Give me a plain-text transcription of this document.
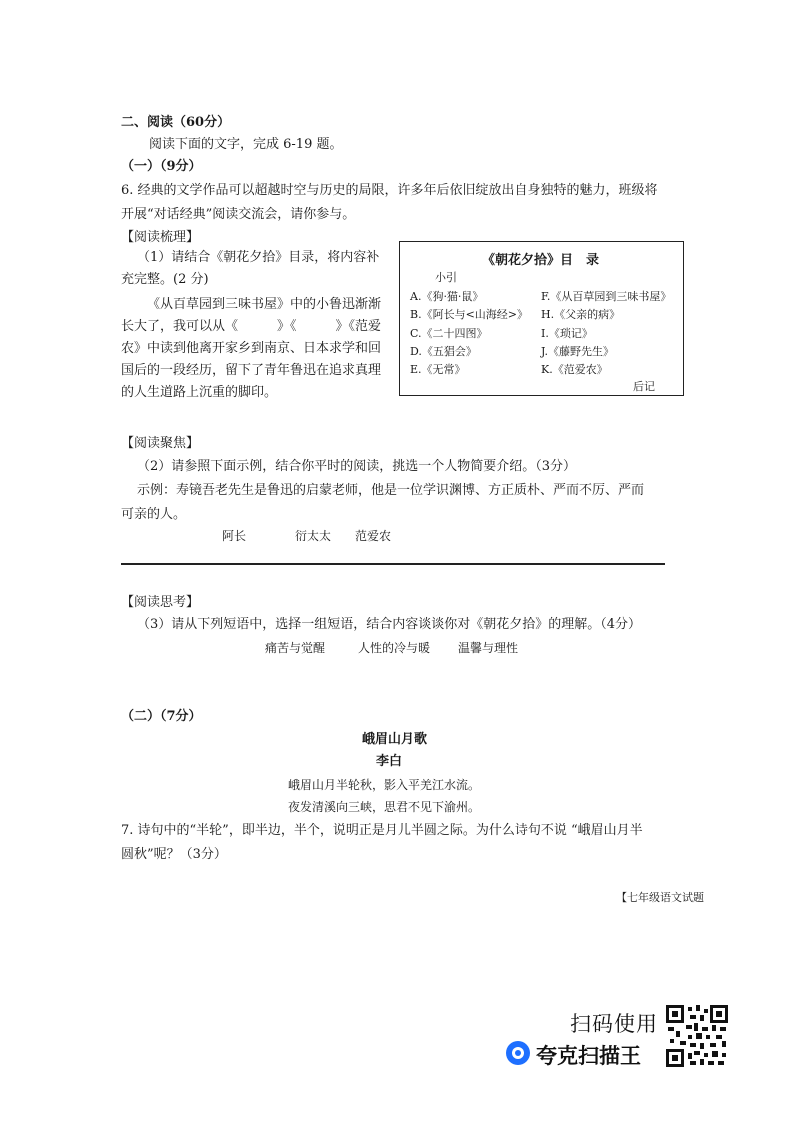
二、阅读（60分）
阅读下面的文字，完成 6-19 题。
（一）（9分）
6. 经典的文学作品可以超越时空与历史的局限，许多年后依旧绽放出自身独特的魅力，班级将
开展“对话经典”阅读交流会，请你参与。
【阅读梳理】
（1）请结合《朝花夕拾》目录，将内容补充完整。(2 分)
《从百草园到三味书屋》中的小鲁迅渐渐长大了，我可以从《　　　》《　　　》《范爱农》中读到他离开家乡到南京、日本求学和回国后的一段经历，留下了青年鲁迅在追求真理的人生道路上沉重的脚印。
《朝花夕拾》目　录
小引
A.《狗·猫·鼠》
B.《阿长与<山海经>》
C.《二十四图》
D.《五猖会》
E.《无常》
F.《从百草园到三味书屋》
H.《父亲的病》
I.《琐记》
J.《藤野先生》
K.《范爱农》
后记
【阅读聚焦】
（2）请参照下面示例，结合你平时的阅读，挑选一个人物简要介绍。（3分）
示例：寿镜吾老先生是鲁迅的启蒙老师，他是一位学识渊博、方正质朴、严而不厉、严而
可亲的人。
阿长	衍太太 范爱农
【阅读思考】
（3）请从下列短语中，选择一组短语，结合内容谈谈你对《朝花夕拾》的理解。（4分）
痛苦与觉醒	人性的冷与暖 温馨与理性
（二）（7分）
峨眉山月歌
李白
峨眉山月半轮秋，影入平羌江水流。
夜发清溪向三峡，思君不见下渝州。
7. 诗句中的“半轮”，即半边，半个，说明正是月儿半圆之际。为什么诗句不说 “峨眉山月半
圆秋”呢？（3分）
【七年级语文试题
扫码使用
夸克扫描王
